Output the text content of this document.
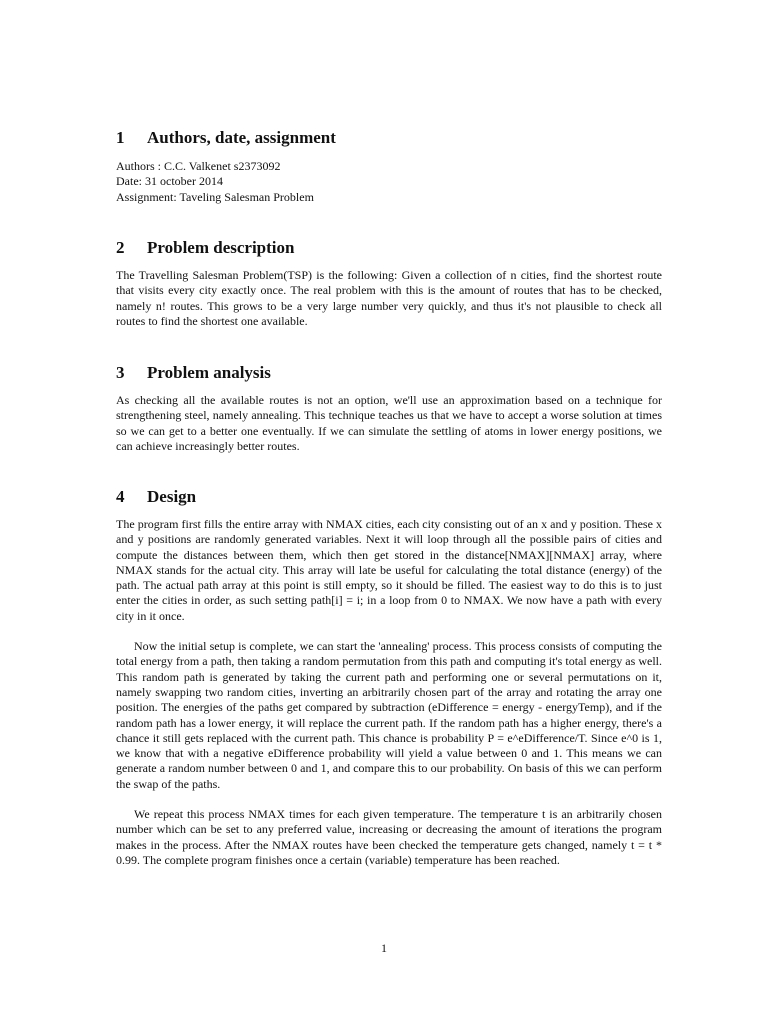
1 Authors, date, assignment
Authors : C.C. Valkenet s2373092
Date: 31 october 2014
Assignment: Taveling Salesman Problem
2 Problem description

The Travelling Salesman Problem(TSP) is the following: Given a collection of n cities, find the shortest route that visits every city exactly once. The real problem with this is the amount of routes that has to be checked, namely n! routes. This grows to be a very large number very quickly, and thus it's not plausible to check all routes to find the shortest one available.

3 Problem analysis

As checking all the available routes is not an option, we'll use an approximation based on a technique for strengthening steel, namely annealing. This technique teaches us that we have to accept a worse solution at times so we can get to a better one eventually. If we can simulate the settling of atoms in lower energy positions, we can achieve increasingly better routes.

4 Design

The program first fills the entire array with NMAX cities, each city consisting out of an x and y position. These x and y positions are randomly generated variables. Next it will loop through all the possible pairs of cities and compute the distances between them, which then get stored in the distance[NMAX][NMAX] array, where NMAX stands for the actual city. This array will late be useful for calculating the total distance (energy) of the path. The actual path array at this point is still empty, so it should be filled. The easiest way to do this is to just enter the cities in order, as such setting path[i] = i; in a loop from 0 to NMAX. We now have a path with every city in it once.

Now the initial setup is complete, we can start the 'annealing' process. This process consists of computing the total energy from a path, then taking a random permutation from this path and computing it's total energy as well. This random path is generated by taking the current path and performing one or several permutations on it, namely swapping two random cities, inverting an arbitrarily chosen part of the array and rotating the array one position. The energies of the paths get compared by subtraction (eDifference = energy - energyTemp), and if the random path has a lower energy, it will replace the current path. If the random path has a higher energy, there's a chance it still gets replaced with the current path. This chance is probability P = e^eDifference/T. Since e^0 is 1, we know that with a negative eDifference probability will yield a value between 0 and 1. This means we can generate a random number between 0 and 1, and compare this to our probability. On basis of this we can perform the swap of the paths.

We repeat this process NMAX times for each given temperature. The temperature t is an arbitrarily chosen number which can be set to any preferred value, increasing or decreasing the amount of iterations the program makes in the process. After the NMAX routes have been checked the temperature gets changed, namely t = t * 0.99. The complete program finishes once a certain (variable) temperature has been reached.

1
